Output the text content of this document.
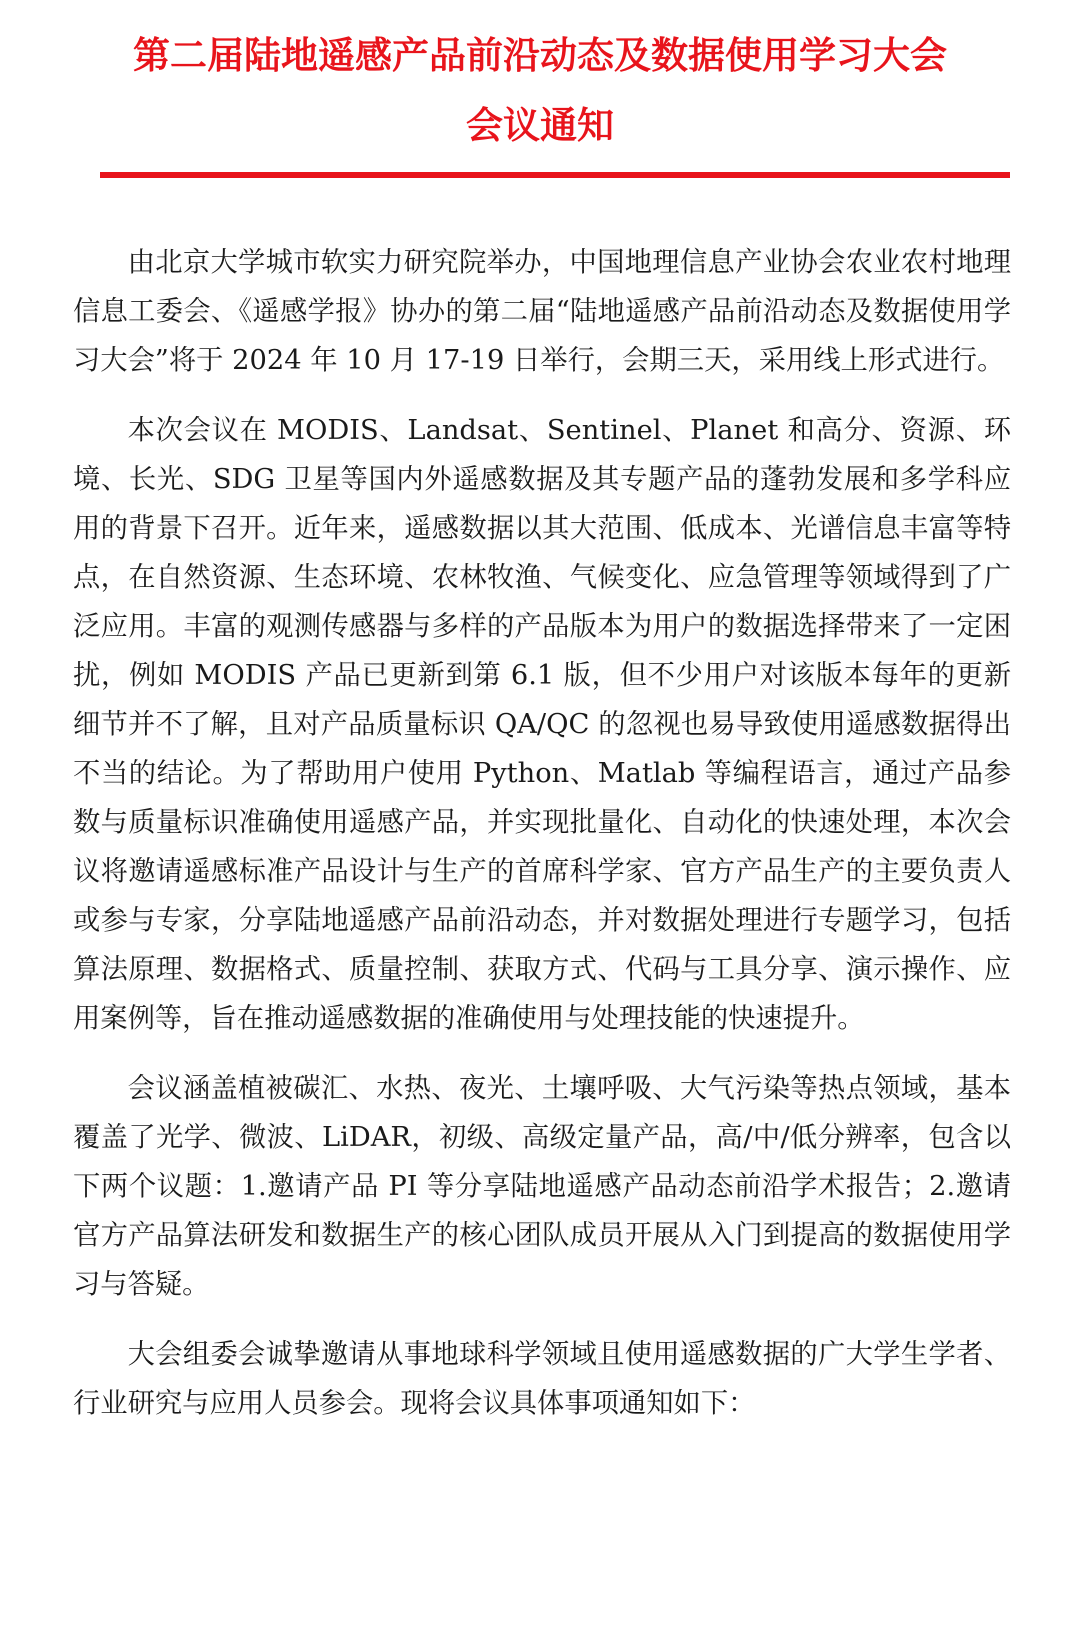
第二届陆地遥感产品前沿动态及数据使用学习大会
会议通知

由北京大学城市软实力研究院举办，中国地理信息产业协会农业农村地理信息工委会、《遥感学报》协办的第二届“陆地遥感产品前沿动态及数据使用学习大会”将于 2024 年 10 月 17-19 日举行，会期三天，采用线上形式进行。

本次会议在 MODIS、Landsat、Sentinel、Planet 和高分、资源、环境、长光、SDG 卫星等国内外遥感数据及其专题产品的蓬勃发展和多学科应用的背景下召开。近年来，遥感数据以其大范围、低成本、光谱信息丰富等特点，在自然资源、生态环境、农林牧渔、气候变化、应急管理等领域得到了广泛应用。丰富的观测传感器与多样的产品版本为用户的数据选择带来了一定困扰，例如 MODIS 产品已更新到第 6.1 版，但不少用户对该版本每年的更新细节并不了解，且对产品质量标识 QA/QC 的忽视也易导致使用遥感数据得出不当的结论。为了帮助用户使用 Python、Matlab 等编程语言，通过产品参数与质量标识准确使用遥感产品，并实现批量化、自动化的快速处理，本次会议将邀请遥感标准产品设计与生产的首席科学家、官方产品生产的主要负责人或参与专家，分享陆地遥感产品前沿动态，并对数据处理进行专题学习，包括算法原理、数据格式、质量控制、获取方式、代码与工具分享、演示操作、应用案例等，旨在推动遥感数据的准确使用与处理技能的快速提升。

会议涵盖植被碳汇、水热、夜光、土壤呼吸、大气污染等热点领域，基本覆盖了光学、微波、LiDAR，初级、高级定量产品，高/中/低分辨率，包含以下两个议题：1.邀请产品 PI 等分享陆地遥感产品动态前沿学术报告；2.邀请官方产品算法研发和数据生产的核心团队成员开展从入门到提高的数据使用学习与答疑。

大会组委会诚挚邀请从事地球科学领域且使用遥感数据的广大学生学者、行业研究与应用人员参会。现将会议具体事项通知如下：
